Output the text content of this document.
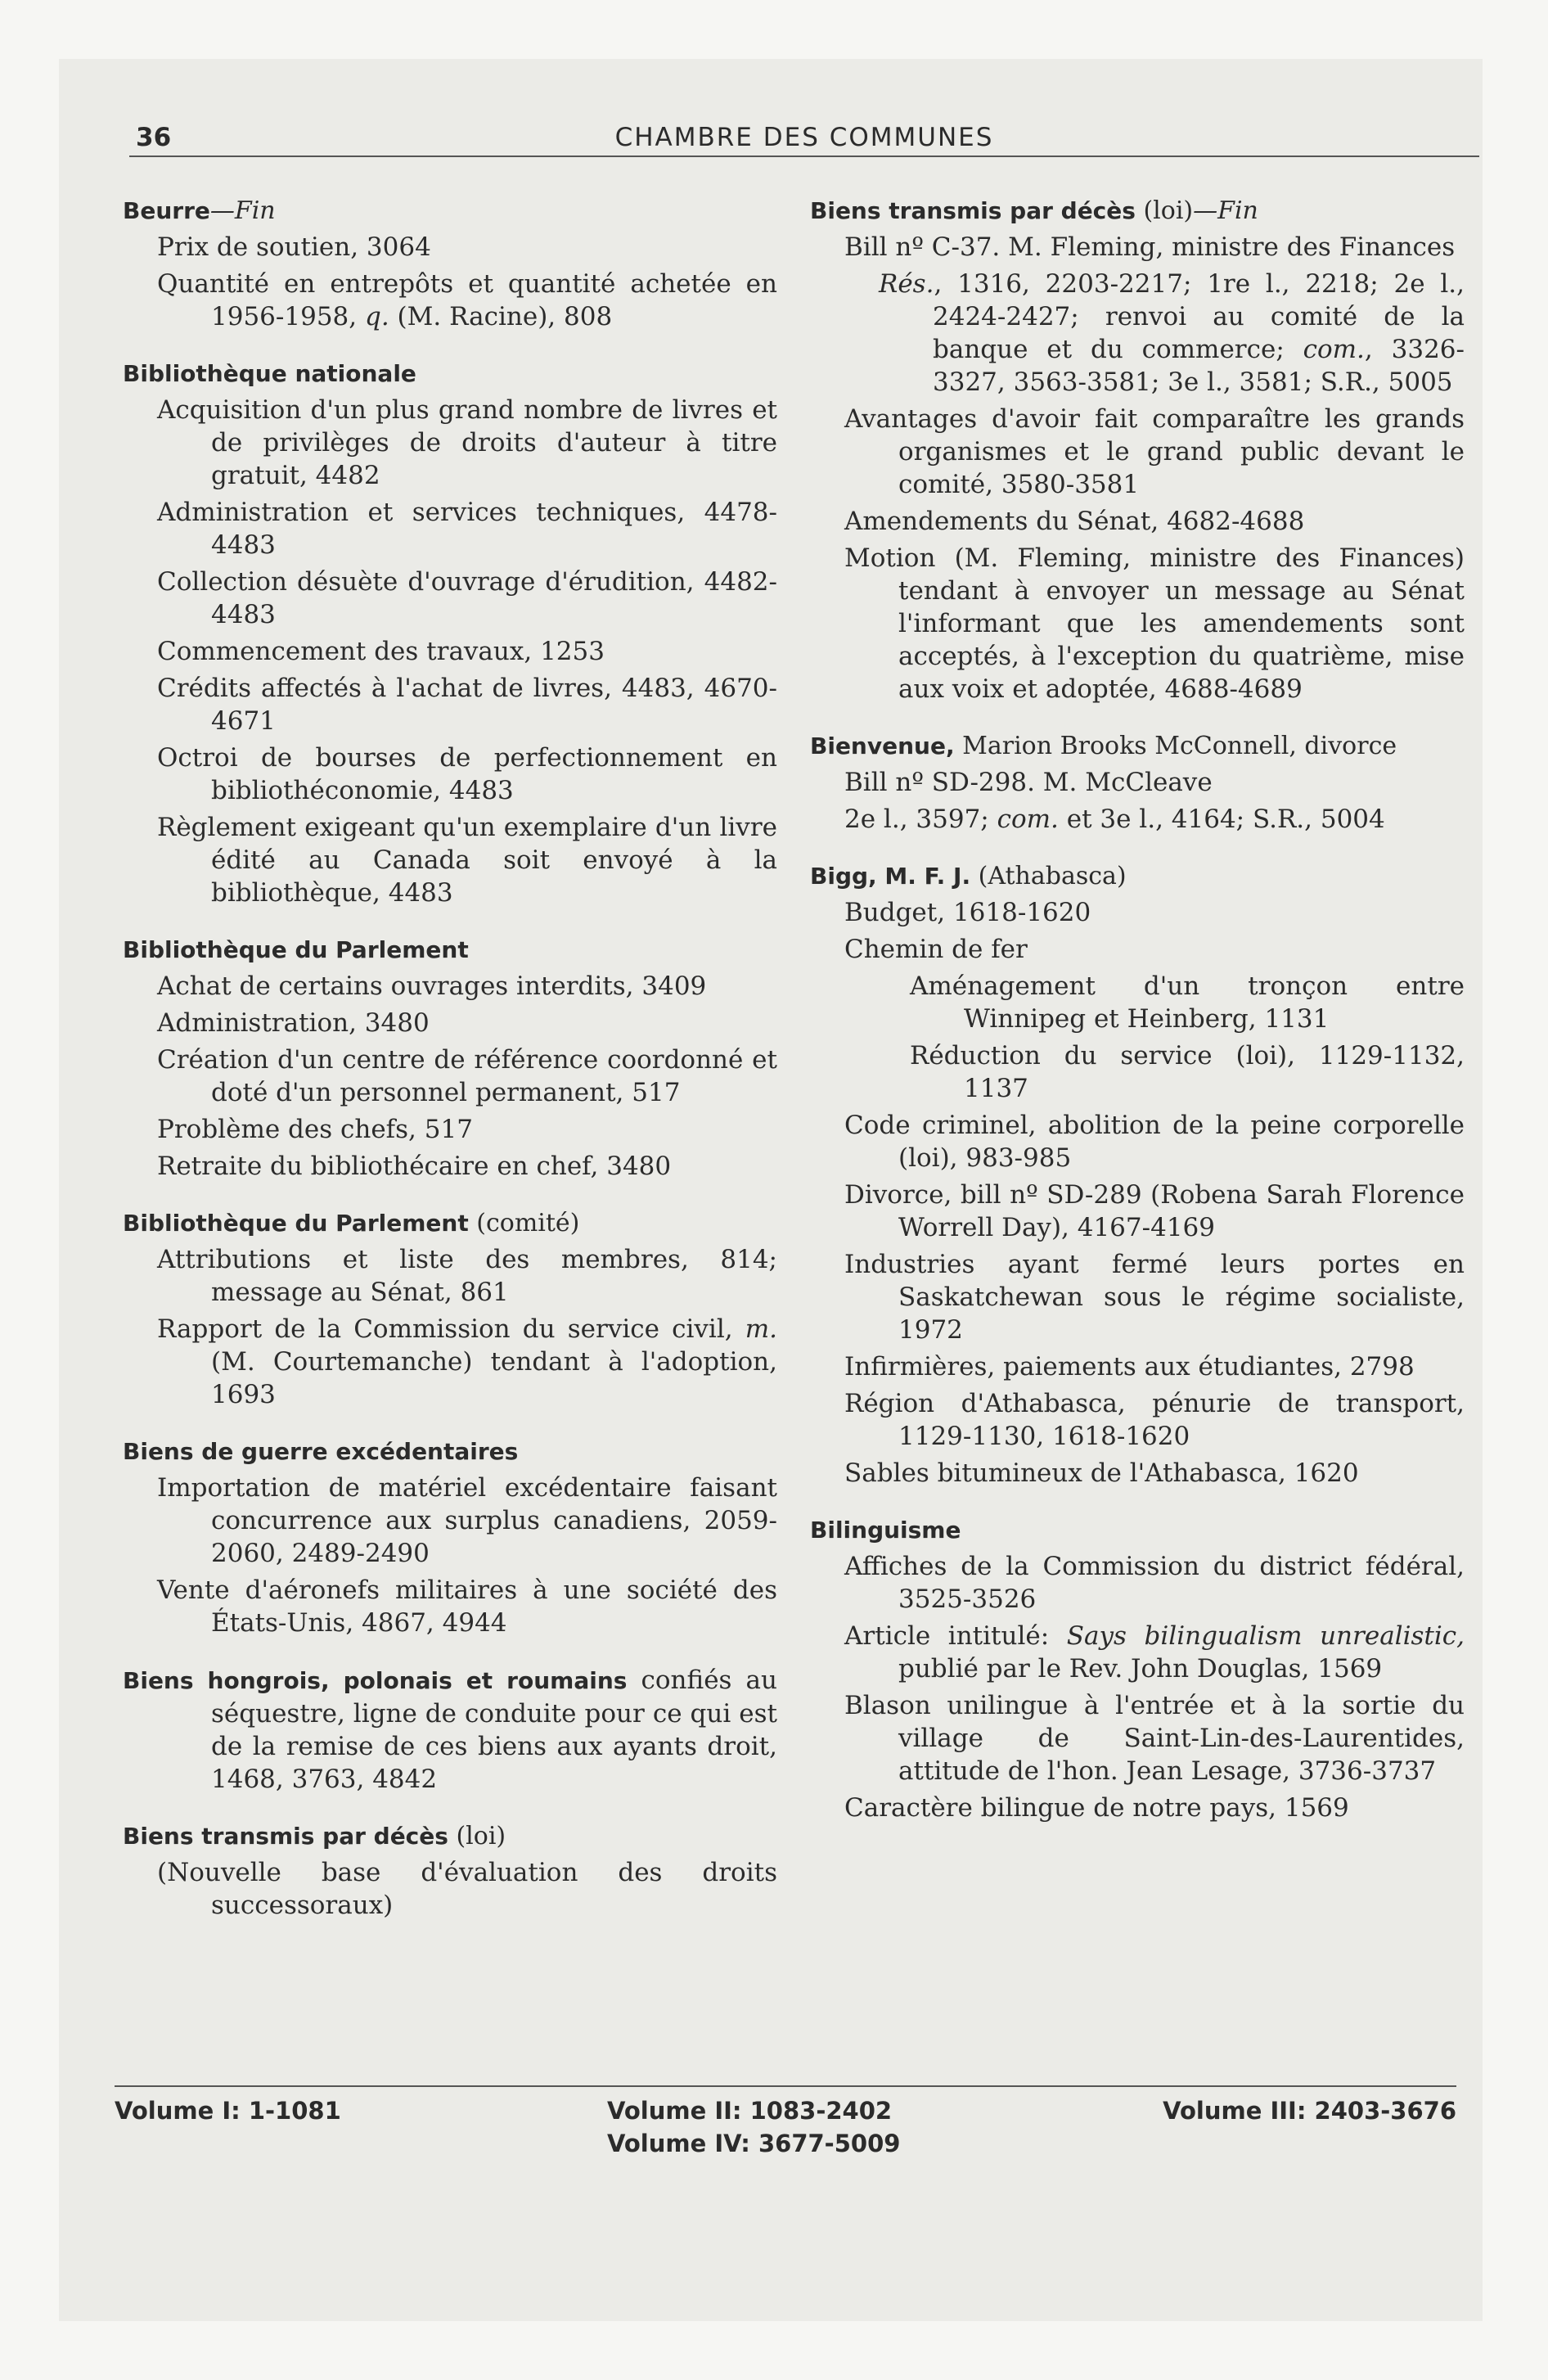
36	CHAMBRE DES COMMUNES
Beurre—Fin
Prix de soutien, 3064
Quantité en entrepôts et quantité achetée en 1956-1958, q. (M. Racine), 808
Bibliothèque nationale
Acquisition d'un plus grand nombre de livres et de privilèges de droits d'auteur à titre gratuit, 4482
Administration et services techniques, 4478-4483
Collection désuète d'ouvrage d'érudition, 4482-4483
Commencement des travaux, 1253
Crédits affectés à l'achat de livres, 4483, 4670-4671
Octroi de bourses de perfectionnement en bibliothéconomie, 4483
Règlement exigeant qu'un exemplaire d'un livre édité au Canada soit envoyé à la bibliothèque, 4483
Bibliothèque du Parlement
Achat de certains ouvrages interdits, 3409
Administration, 3480
Création d'un centre de référence coordonné et doté d'un personnel permanent, 517
Problème des chefs, 517
Retraite du bibliothécaire en chef, 3480
Bibliothèque du Parlement (comité)
Attributions et liste des membres, 814; message au Sénat, 861
Rapport de la Commission du service civil, m. (M. Courtemanche) tendant à l'adoption, 1693
Biens de guerre excédentaires
Importation de matériel excédentaire faisant concurrence aux surplus canadiens, 2059-2060, 2489-2490
Vente d'aéronefs militaires à une société des États-Unis, 4867, 4944
Biens hongrois, polonais et roumains confiés au séquestre, ligne de conduite pour ce qui est de la remise de ces biens aux ayants droit, 1468, 3763, 4842
Biens transmis par décès (loi)
(Nouvelle base d'évaluation des droits successoraux)
Biens transmis par décès (loi)—Fin
Bill nº C-37. M. Fleming, ministre des Finances
Rés., 1316, 2203-2217; 1re l., 2218; 2e l., 2424-2427; renvoi au comité de la banque et du commerce; com., 3326-3327, 3563-3581; 3e l., 3581; S.R., 5005
Avantages d'avoir fait comparaître les grands organismes et le grand public devant le comité, 3580-3581
Amendements du Sénat, 4682-4688
Motion (M. Fleming, ministre des Finances) tendant à envoyer un message au Sénat l'informant que les amendements sont acceptés, à l'exception du quatrième, mise aux voix et adoptée, 4688-4689
Bienvenue, Marion Brooks McConnell, divorce
Bill nº SD-298. M. McCleave
2e l., 3597; com. et 3e l., 4164; S.R., 5004
Bigg, M. F. J. (Athabasca)
Budget, 1618-1620
Chemin de fer
Aménagement d'un tronçon entre Winnipeg et Heinberg, 1131
Réduction du service (loi), 1129-1132, 1137
Code criminel, abolition de la peine corporelle (loi), 983-985
Divorce, bill nº SD-289 (Robena Sarah Florence Worrell Day), 4167-4169
Industries ayant fermé leurs portes en Saskatchewan sous le régime socialiste, 1972
Infirmières, paiements aux étudiantes, 2798
Région d'Athabasca, pénurie de transport, 1129-1130, 1618-1620
Sables bitumineux de l'Athabasca, 1620
Bilinguisme
Affiches de la Commission du district fédéral, 3525-3526
Article intitulé: Says bilingualism unrealistic, publié par le Rev. John Douglas, 1569
Blason unilingue à l'entrée et à la sortie du village de Saint-Lin-des-Laurentides, attitude de l'hon. Jean Lesage, 3736-3737
Caractère bilingue de notre pays, 1569
Volume I: 1-1081	Volume II: 1083-2402
Volume IV: 3677-5009
Volume III: 2403-3676
